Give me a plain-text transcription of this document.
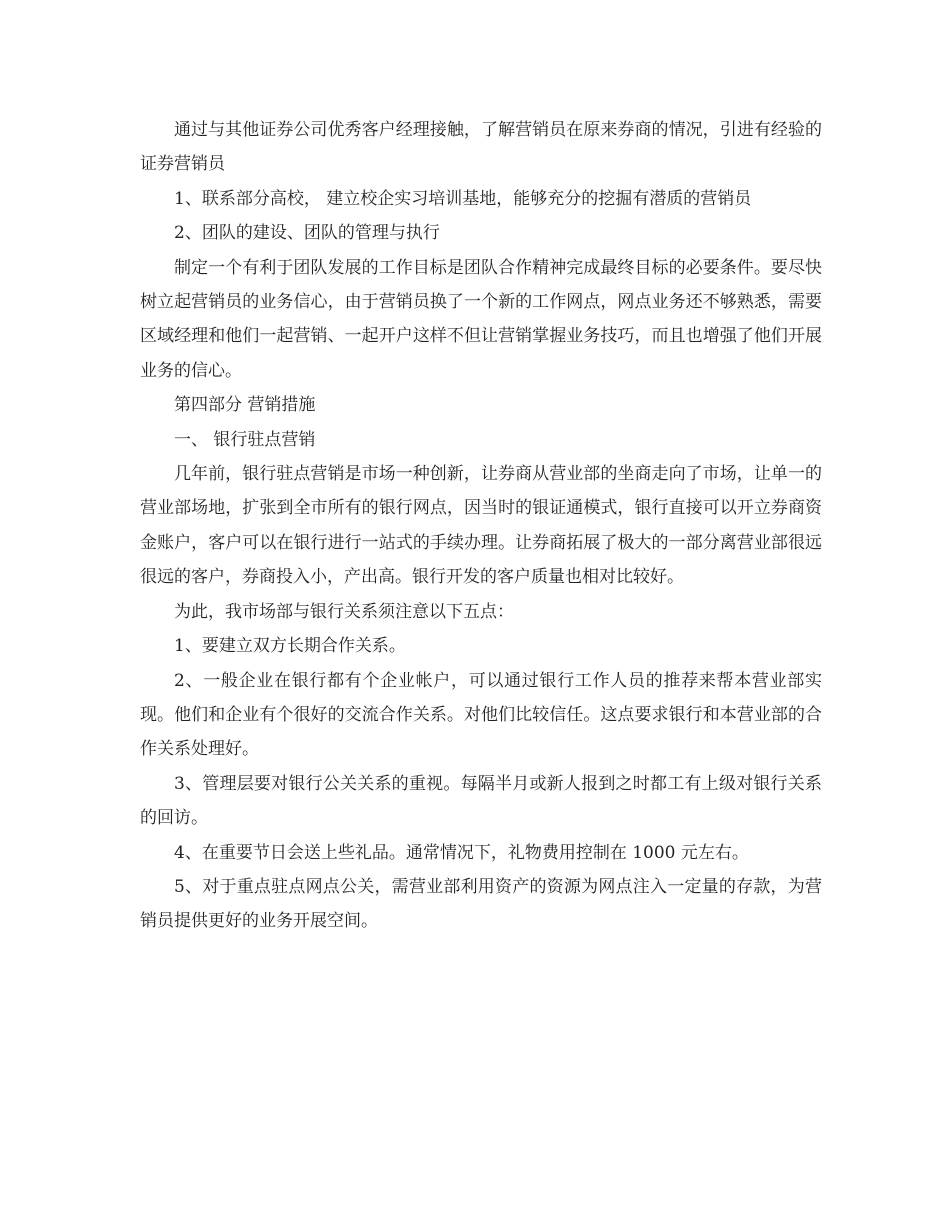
通过与其他证券公司优秀客户经理接触，了解营销员在原来券商的情况，引进有经验的证券营销员

1、联系部分高校， 建立校企实习培训基地，能够充分的挖掘有潜质的营销员

2、团队的建设、团队的管理与执行

制定一个有利于团队发展的工作目标是团队合作精神完成最终目标的必要条件。要尽快树立起营销员的业务信心，由于营销员换了一个新的工作网点，网点业务还不够熟悉，需要区域经理和他们一起营销、一起开户这样不但让营销掌握业务技巧，而且也增强了他们开展业务的信心。

第四部分 营销措施

一、 银行驻点营销

几年前，银行驻点营销是市场一种创新，让券商从营业部的坐商走向了市场，让单一的营业部场地，扩张到全市所有的银行网点，因当时的银证通模式，银行直接可以开立券商资金账户，客户可以在银行进行一站式的手续办理。让券商拓展了极大的一部分离营业部很远很远的客户，券商投入小，产出高。银行开发的客户质量也相对比较好。

为此，我市场部与银行关系须注意以下五点：

1、要建立双方长期合作关系。

2、一般企业在银行都有个企业帐户，可以通过银行工作人员的推荐来帮本营业部实现。他们和企业有个很好的交流合作关系。对他们比较信任。这点要求银行和本营业部的合作关系处理好。

3、管理层要对银行公关关系的重视。每隔半月或新人报到之时都工有上级对银行关系的回访。

4、在重要节日会送上些礼品。通常情况下，礼物费用控制在 1000 元左右。

5、对于重点驻点网点公关，需营业部利用资产的资源为网点注入一定量的存款，为营销员提供更好的业务开展空间。
